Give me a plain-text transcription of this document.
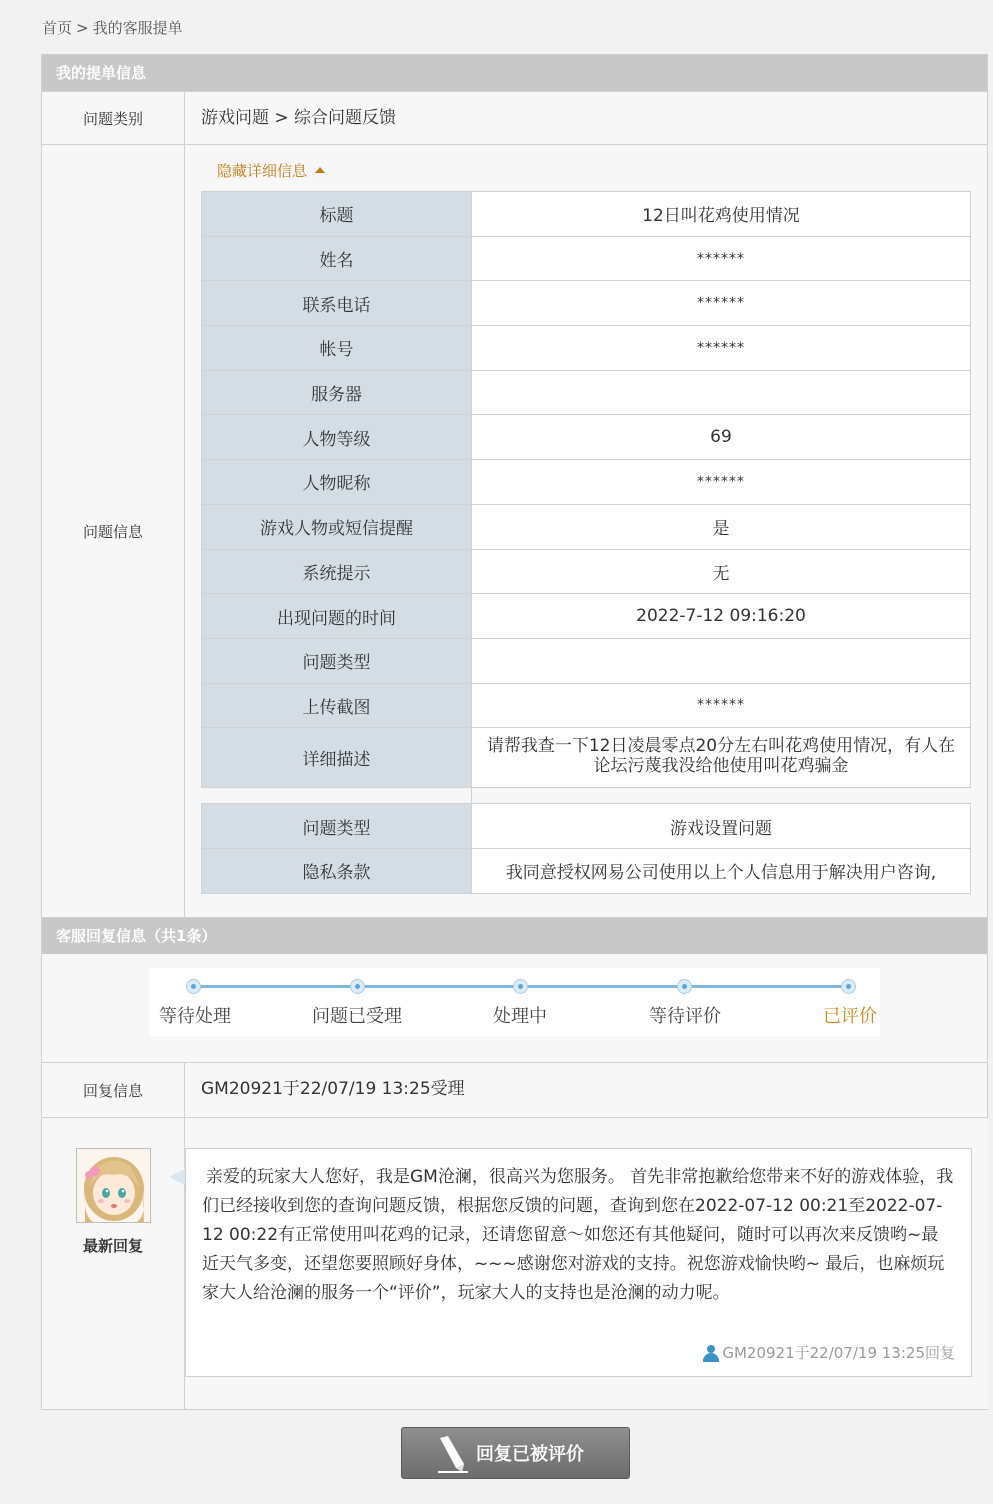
首页 > 我的客服提单
我的提单信息
问题类别	游戏问题 > 综合问题反馈
问题信息
隐藏详细信息
标题	12日叫花鸡使用情况
姓名	******
联系电话	******
帐号	******
服务器	
人物等级	69
人物昵称	******
游戏人物或短信提醒	是
系统提示	无
出现问题的时间	2022-7-12 09:16:20
问题类型	
上传截图	******
详细描述	请帮我查一下12日凌晨零点20分左右叫花鸡使用情况，有人在论坛污蔑我没给他使用叫花鸡骗金

问题类型	游戏设置问题
隐私条款	我同意授权网易公司使用以上个人信息用于解决用户咨询,
客服回复信息（共1条）
等待处理	问题已受理	处理中	等待评价	已评价
回复信息	GM20921于22/07/19 13:25受理
最新回复
亲爱的玩家大人您好，我是GM沧澜，很高兴为您服务。 首先非常抱歉给您带来不好的游戏体验，我们已经接收到您的查询问题反馈，根据您反馈的问题，查询到您在2022-07-12 00:21至2022-07-12 00:22有正常使用叫花鸡的记录，还请您留意～如您还有其他疑问，随时可以再次来反馈哟~最近天气多变，还望您要照顾好身体，~~~感谢您对游戏的支持。祝您游戏愉快哟~ 最后，也麻烦玩家大人给沧澜的服务一个“评价”，玩家大人的支持也是沧澜的动力呢。
GM20921于22/07/19 13:25回复
回复已被评价
